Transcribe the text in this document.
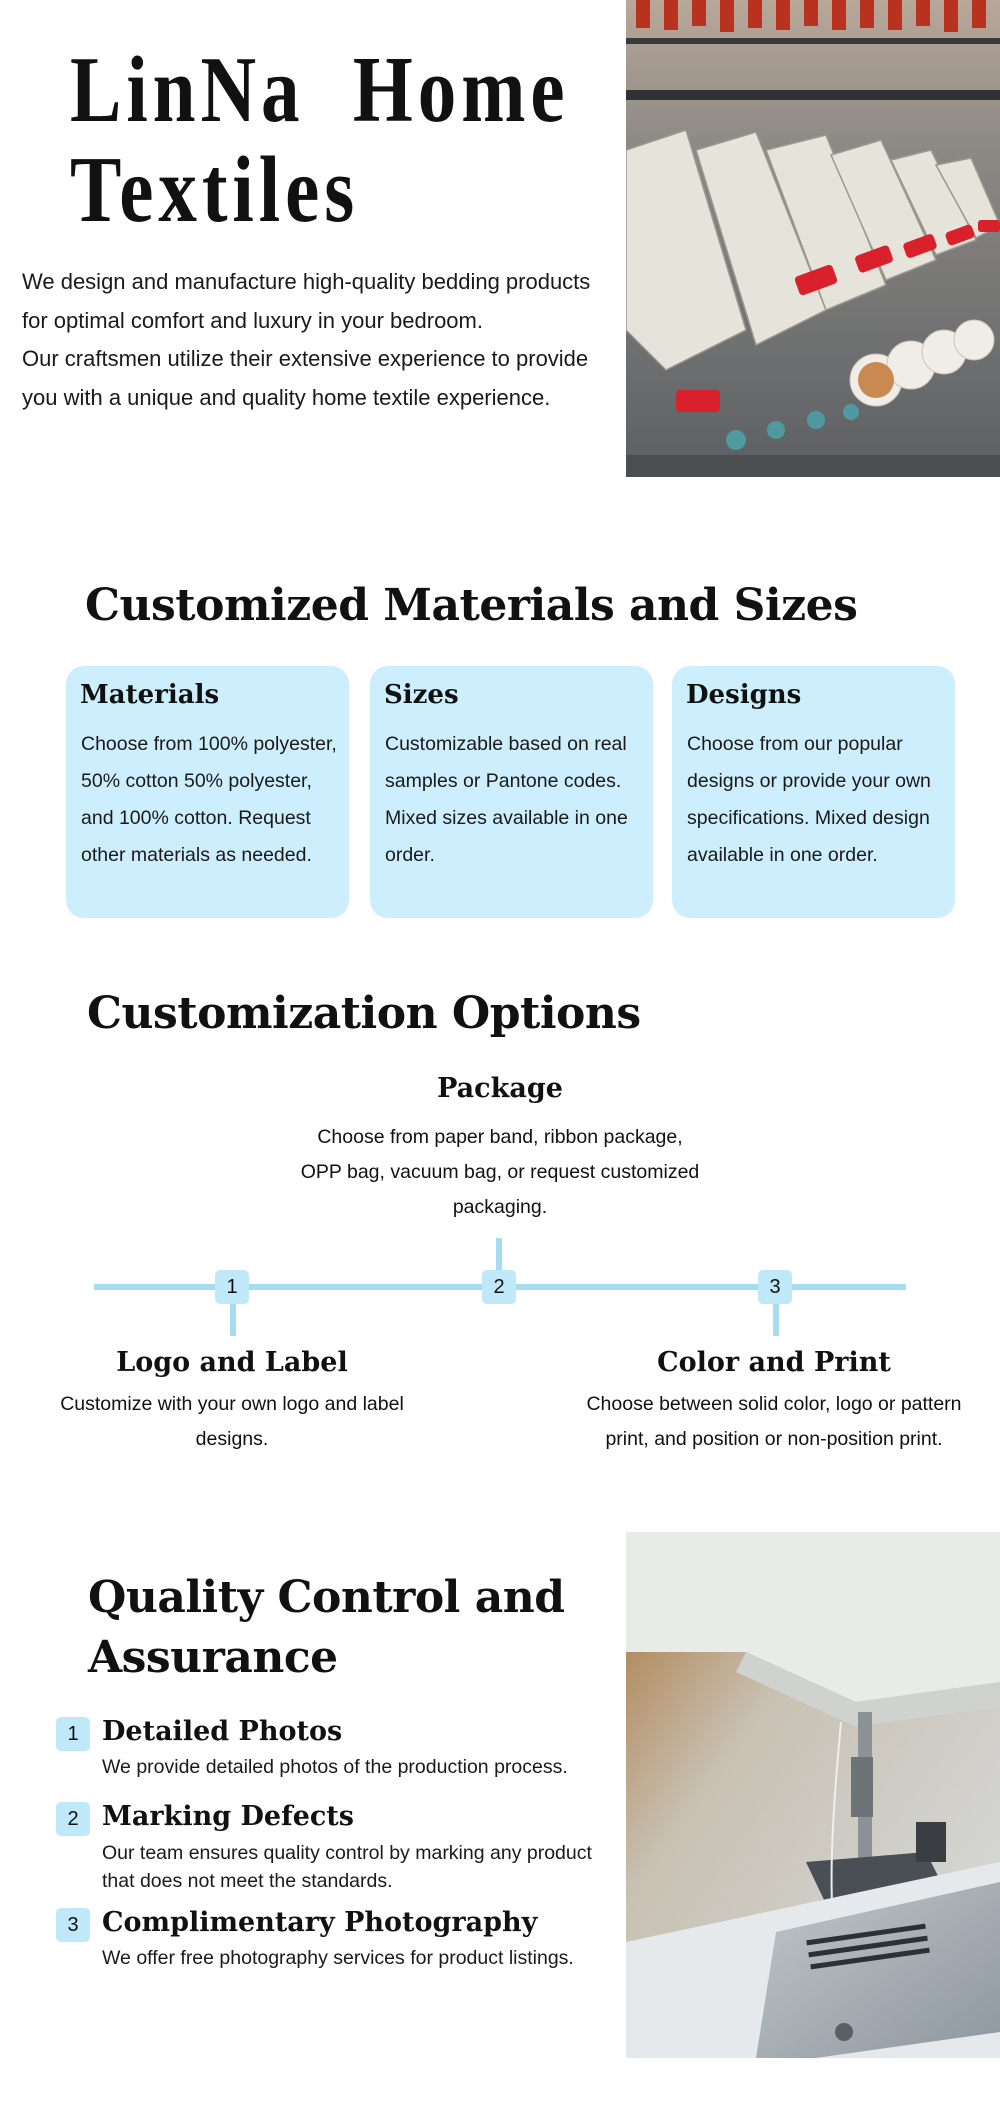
LinNa  Home
Textiles
We design and manufacture high-quality bedding products
for optimal comfort and luxury in your bedroom.
Our craftsmen utilize their extensive experience to provide
you with a unique and quality home textile experience.
Customized Materials and Sizes
Materials
Choose from 100% polyester, 50% cotton 50% polyester, and 100% cotton. Request other materials as needed.
Sizes
Customizable based on real samples or Pantone codes. Mixed sizes available in one order.
Designs
Choose from our popular designs or provide your own specifications. Mixed design available in one order.
Customization Options
Package
Choose from paper band, ribbon package, OPP bag, vacuum bag, or request customized packaging.
1	2	3
Logo and Label
Customize with your own logo and label designs.
Color and Print
Choose between solid color, logo or pattern print, and position or non-position print.
Quality Control and
Assurance
1 Detailed Photos
We provide detailed photos of the production process.
2 Marking Defects
Our team ensures quality control by marking any product that does not meet the standards.
3 Complimentary Photography
We offer free photography services for product listings.
